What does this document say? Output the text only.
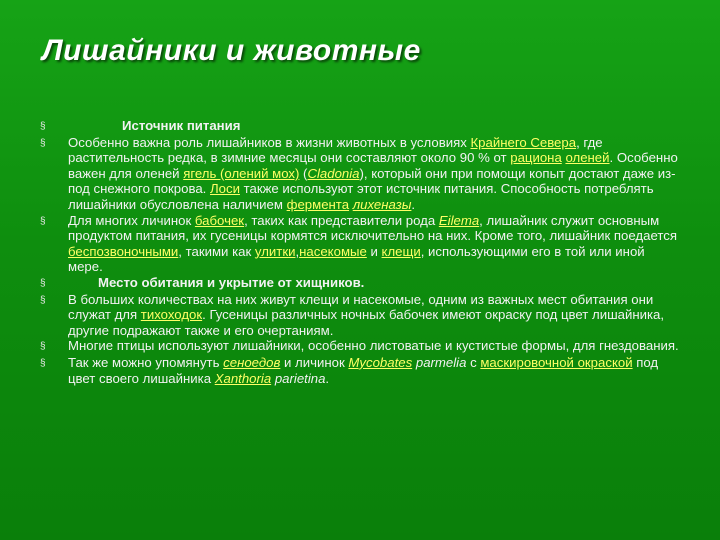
Лишайники и животные
§	Источник питания
§	Особенно важна роль лишайников в жизни животных в условиях Крайнего Севера, где растительность редка, в зимние месяцы они составляют около 90 % от рациона оленей. Особенно важен для оленей ягель (олений мох) (Cladonia), который они при помощи копыт достают даже из-под снежного покрова. Лоси также используют этот источник питания. Способность потреблять лишайники обусловлена наличием фермента лихеназы.
§	Для многих личинок бабочек, таких как представители рода Eilema, лишайник служит основным продуктом питания, их гусеницы кормятся исключительно на них. Кроме того, лишайник поедается беспозвоночными, такими как улитки,насекомые и клещи, использующими его в той или иной мере.
§	Место обитания и укрытие от хищников.
§	В больших количествах на них живут клещи и насекомые, одним из важных мест обитания они служат для тихоходок. Гусеницы различных ночных бабочек имеют окраску под цвет лишайника, другие подражают также и его очертаниям.
§	Многие птицы используют лишайники, особенно листоватые и кустистые формы, для гнездования.
§	Так же можно упомянуть сеноедов и личинок Mycobates parmelia с маскировочной окраской под цвет своего лишайника Xanthoria parietina.
